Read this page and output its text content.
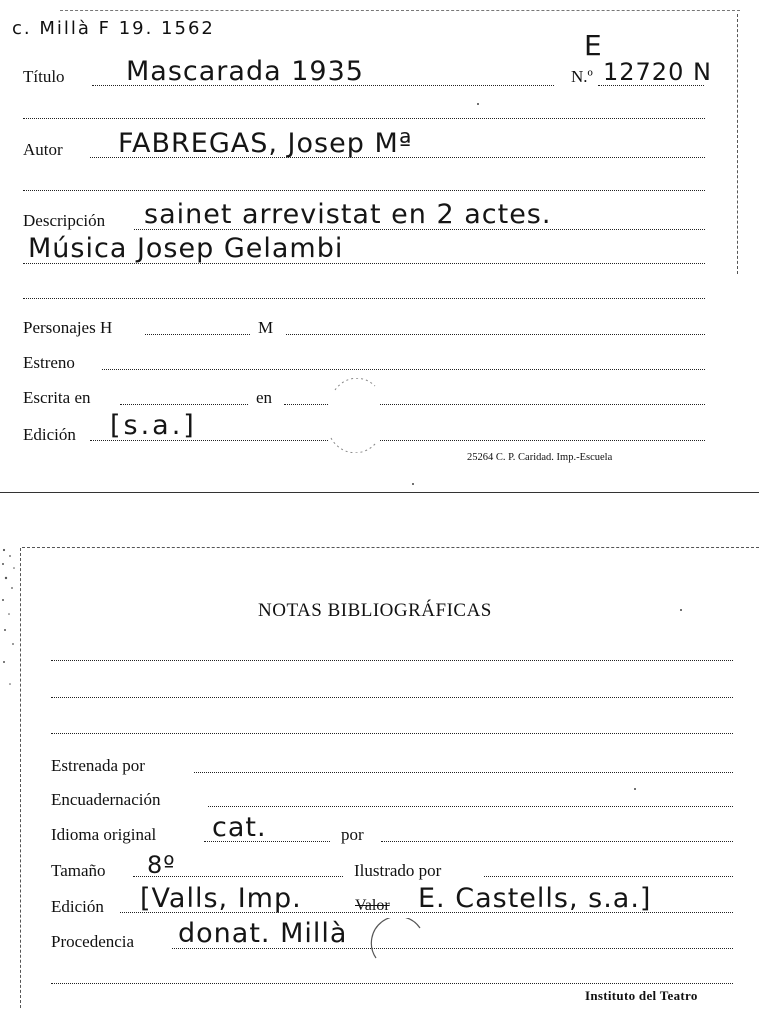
c. Millà F 19. 1562
E
Título Mascarada 1935	N.º 12720 N
Autor FABREGAS, Josep Mª
Descripción sainet arrevistat en 2 actes.
Música Josep Gelambi
Personajes H	M
Estreno
Escrita en	en
Edición [s.a.]
25264 C. P. Caridad. Imp.-Escuela
NOTAS BIBLIOGRÁFICAS
Estrenada por
Encuadernación
Idioma original cat.	por
Tamaño 8º	Ilustrado por
Edición [Valls, Imp.	Valor E. Castells, s.a.]
Procedencia donat. Millà
Instituto del Teatro
